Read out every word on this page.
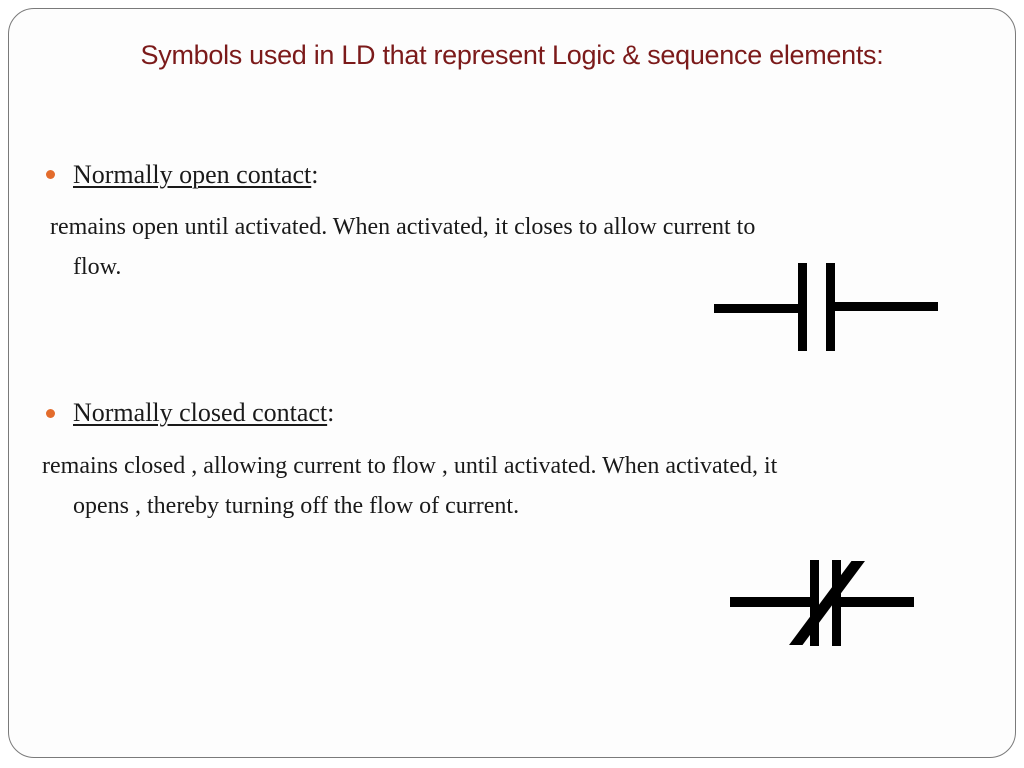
Symbols used in LD that represent Logic & sequence elements:
Normally open contact:
remains open until activated. When activated, it closes to allow current to
flow.
Normally closed contact:
remains closed , allowing current to flow , until activated. When activated, it
opens , thereby turning off the flow of current.
